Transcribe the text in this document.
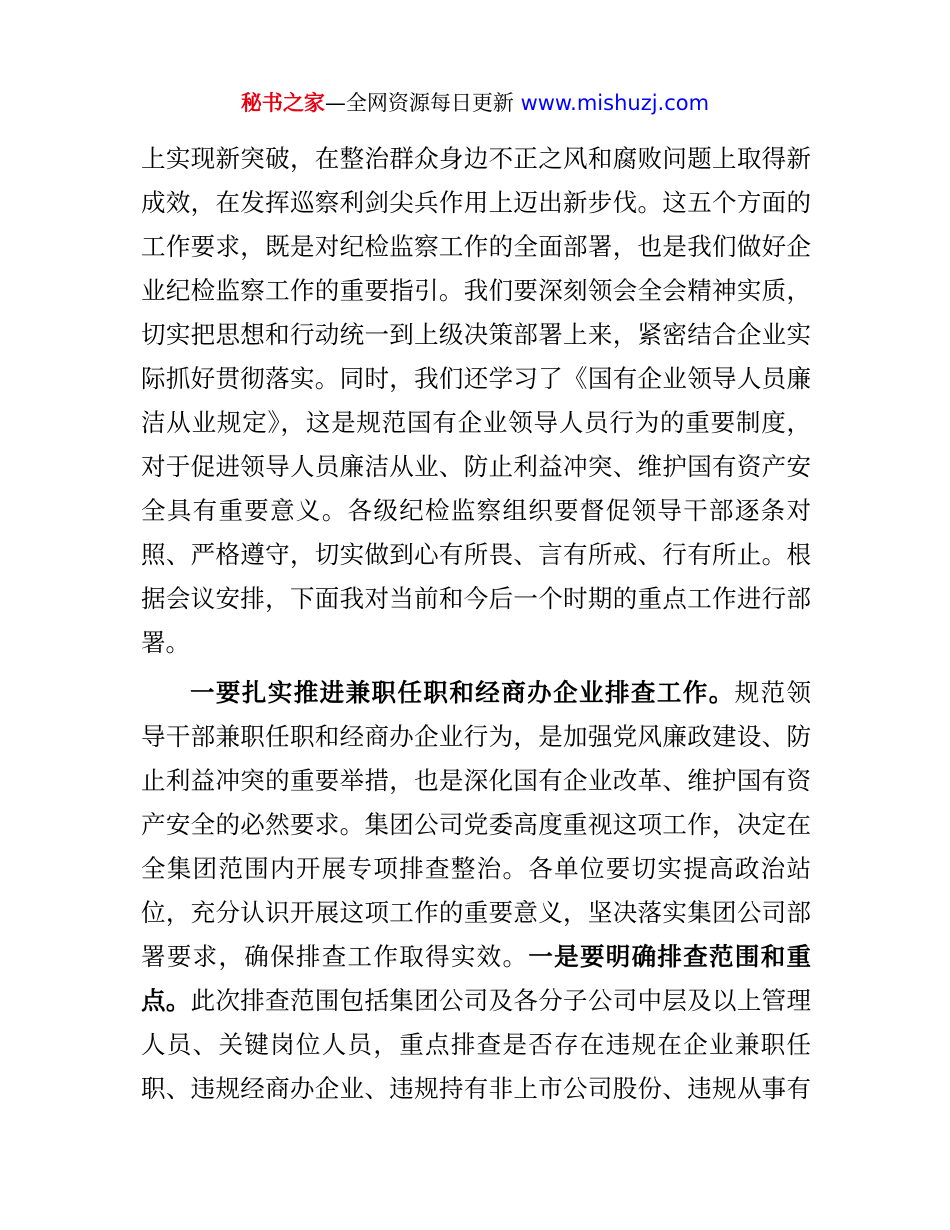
秘书之家—全网资源每日更新 www.mishuzj.com
上实现新突破，在整治群众身边不正之风和腐败问题上取得新
成效，在发挥巡察利剑尖兵作用上迈出新步伐。这五个方面的
工作要求，既是对纪检监察工作的全面部署，也是我们做好企
业纪检监察工作的重要指引。我们要深刻领会全会精神实质，
切实把思想和行动统一到上级决策部署上来，紧密结合企业实
际抓好贯彻落实。同时，我们还学习了《国有企业领导人员廉
洁从业规定》，这是规范国有企业领导人员行为的重要制度，
对于促进领导人员廉洁从业、防止利益冲突、维护国有资产安
全具有重要意义。各级纪检监察组织要督促领导干部逐条对
照、严格遵守，切实做到心有所畏、言有所戒、行有所止。根
据会议安排，下面我对当前和今后一个时期的重点工作进行部
署。
一要扎实推进兼职任职和经商办企业排查工作。规范领
导干部兼职任职和经商办企业行为，是加强党风廉政建设、防
止利益冲突的重要举措，也是深化国有企业改革、维护国有资
产安全的必然要求。集团公司党委高度重视这项工作，决定在
全集团范围内开展专项排查整治。各单位要切实提高政治站
位，充分认识开展这项工作的重要意义，坚决落实集团公司部
署要求，确保排查工作取得实效。一是要明确排查范围和重
点。此次排查范围包括集团公司及各分子公司中层及以上管理
人员、关键岗位人员，重点排查是否存在违规在企业兼职任
职、违规经商办企业、违规持有非上市公司股份、违规从事有
